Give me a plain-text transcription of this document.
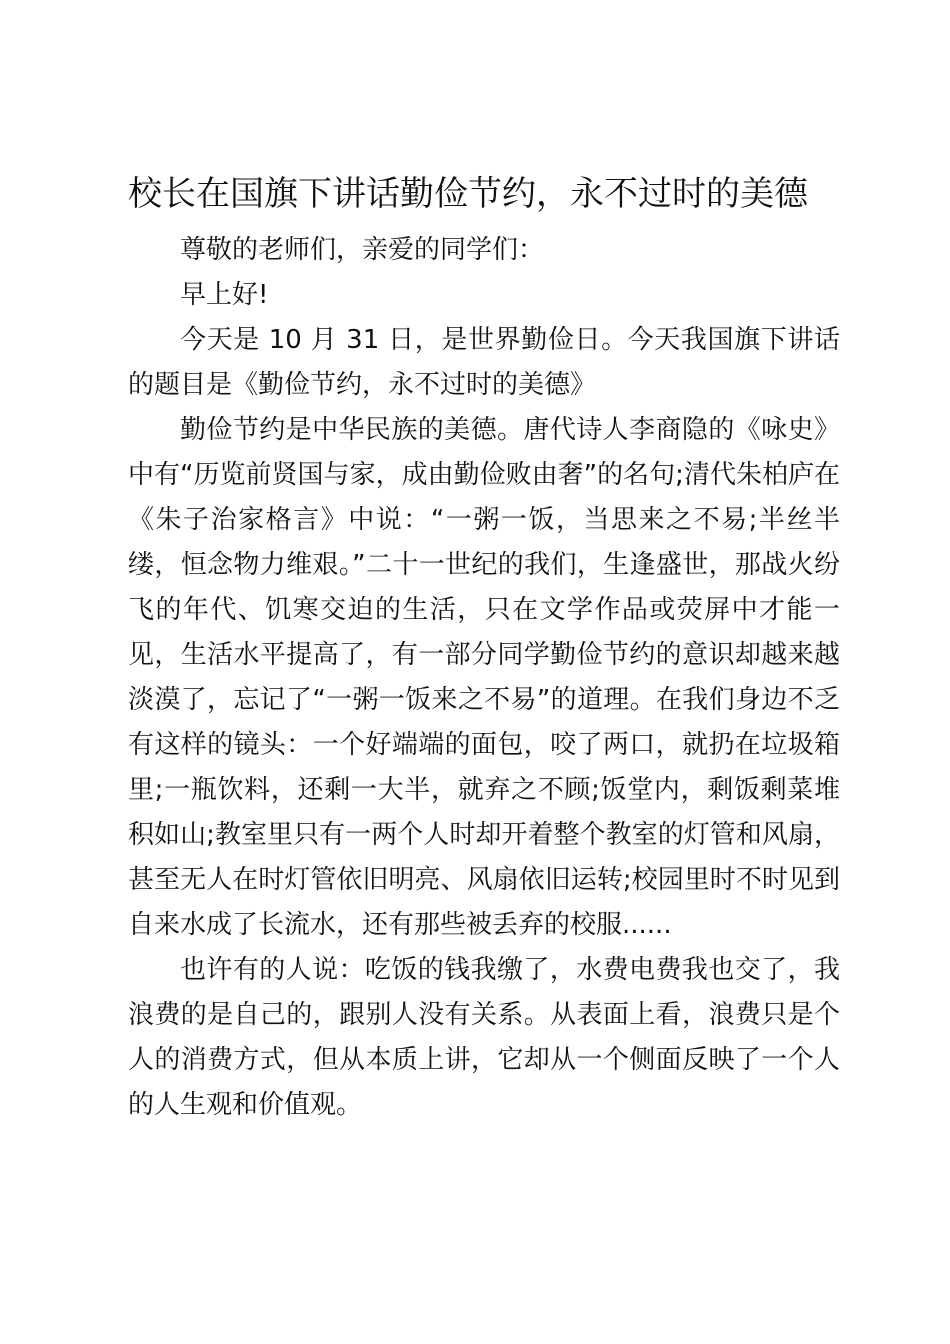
校长在国旗下讲话勤俭节约，永不过时的美德

尊敬的老师们，亲爱的同学们：

早上好!

今天是 10 月 31 日，是世界勤俭日。今天我国旗下讲话的题目是《勤俭节约，永不过时的美德》

勤俭节约是中华民族的美德。唐代诗人李商隐的《咏史》中有“历览前贤国与家，成由勤俭败由奢”的名句;清代朱柏庐在《朱子治家格言》中说：“一粥一饭，当思来之不易;半丝半缕，恒念物力维艰。”二十一世纪的我们，生逢盛世，那战火纷飞的年代、饥寒交迫的生活，只在文学作品或荧屏中才能一见，生活水平提高了，有一部分同学勤俭节约的意识却越来越淡漠了，忘记了“一粥一饭来之不易”的道理。在我们身边不乏有这样的镜头：一个好端端的面包，咬了两口，就扔在垃圾箱里;一瓶饮料，还剩一大半，就弃之不顾;饭堂内，剩饭剩菜堆积如山;教室里只有一两个人时却开着整个教室的灯管和风扇，甚至无人在时灯管依旧明亮、风扇依旧运转;校园里时不时见到自来水成了长流水，还有那些被丢弃的校服......

也许有的人说：吃饭的钱我缴了，水费电费我也交了，我浪费的是自己的，跟别人没有关系。从表面上看，浪费只是个人的消费方式，但从本质上讲，它却从一个侧面反映了一个人的人生观和价值观。
